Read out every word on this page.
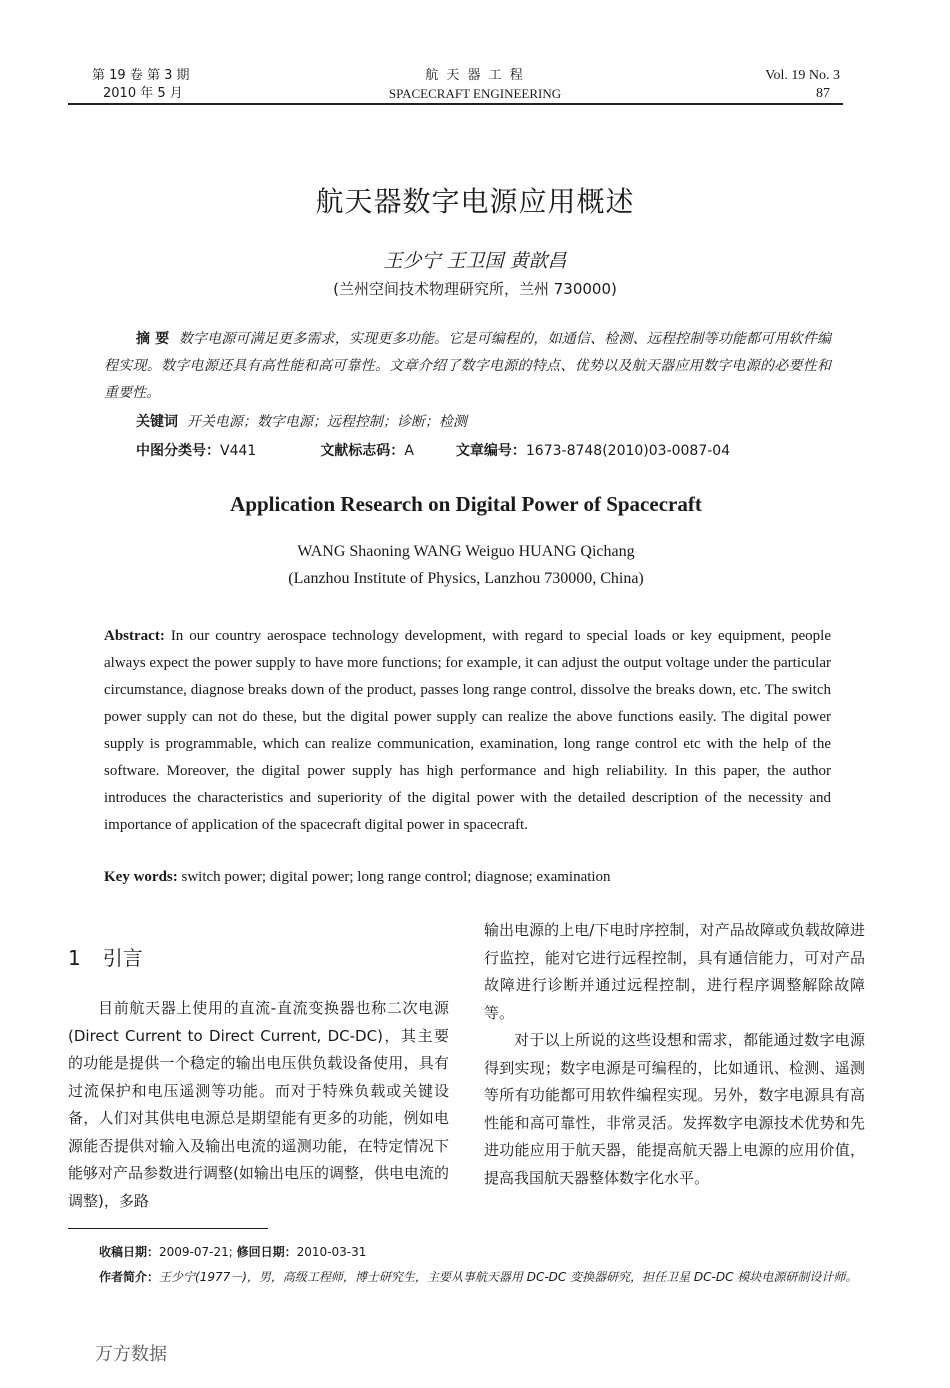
第 19 卷 第 3 期
2010 年 5 月
航 天 器 工 程
SPACECRAFT ENGINEERING
Vol. 19 No. 3
87
航天器数字电源应用概述
王少宁 王卫国 黄歆昌
(兰州空间技术物理研究所，兰州 730000)
摘 要 数字电源可满足更多需求，实现更多功能。它是可编程的，如通信、检测、远程控制等功能都可用软件编程实现。数字电源还具有高性能和高可靠性。文章介绍了数字电源的特点、优势以及航天器应用数字电源的必要性和重要性。
关键词 开关电源；数字电源；远程控制；诊断；检测
中图分类号：V441	文献标志码：A	文章编号：1673-8748(2010)03-0087-04
Application Research on Digital Power of Spacecraft
WANG Shaoning WANG Weiguo HUANG Qichang
(Lanzhou Institute of Physics, Lanzhou 730000, China)
Abstract: In our country aerospace technology development, with regard to special loads or key equipment, people always expect the power supply to have more functions; for example, it can adjust the output voltage under the particular circumstance, diagnose breaks down of the product, passes long range control, dissolve the breaks down, etc. The switch power supply can not do these, but the digital power supply can realize the above functions easily. The digital power supply is programmable, which can realize communication, examination, long range control etc with the help of the software. Moreover, the digital power supply has high performance and high reliability. In this paper, the author introduces the characteristics and superiority of the digital power with the detailed description of the necessity and importance of application of the spacecraft digital power in spacecraft.
Key words: switch power; digital power; long range control; diagnose; examination
1 引言

目前航天器上使用的直流-直流变换器也称二次电源(Direct Current to Direct Current, DC-DC)，其主要的功能是提供一个稳定的输出电压供负载设备使用，具有过流保护和电压遥测等功能。而对于特殊负载或关键设备，人们对其供电电源总是期望能有更多的功能，例如电源能否提供对输入及输出电流的遥测功能，在特定情况下能够对产品参数进行调整(如输出电压的调整，供电电流的调整)，多路

输出电源的上电/下电时序控制，对产品故障或负载故障进行监控，能对它进行远程控制，具有通信能力，可对产品故障进行诊断并通过远程控制，进行程序调整解除故障等。

对于以上所说的这些设想和需求，都能通过数字电源得到实现；数字电源是可编程的，比如通讯、检测、遥测等所有功能都可用软件编程实现。另外，数字电源具有高性能和高可靠性，非常灵活。发挥数字电源技术优势和先进功能应用于航天器，能提高航天器上电源的应用价值，提高我国航天器整体数字化水平。

收稿日期：2009-07-21; 修回日期：2010-03-31
作者简介：王少宁(1977－)，男，高级工程师，博士研究生，主要从事航天器用 DC-DC 变换器研究，担任卫星 DC-DC 模块电源研制设计师。
万方数据
